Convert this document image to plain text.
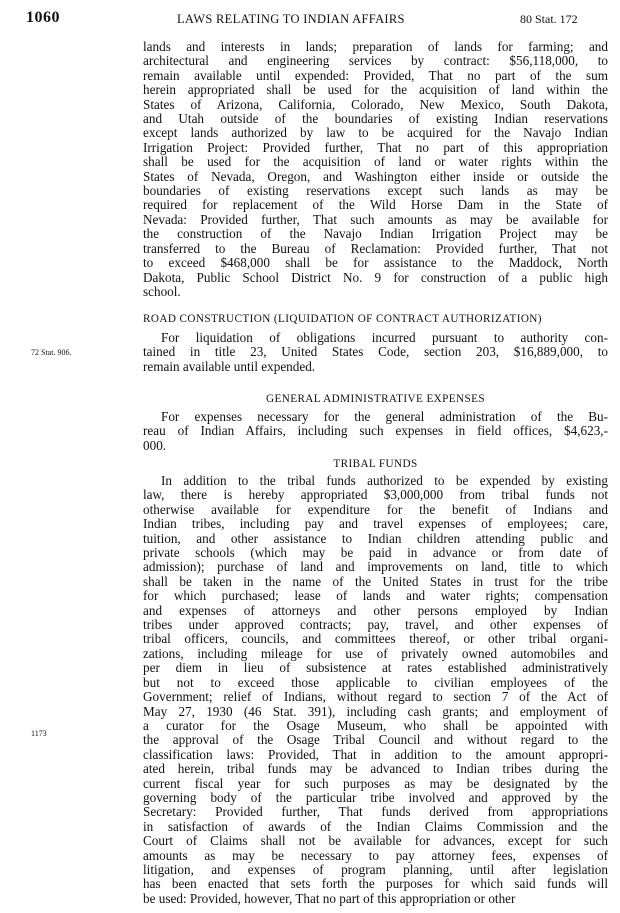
1060	LAWS RELATING TO INDIAN AFFAIRS	80 Stat. 172
lands and interests in lands; preparation of lands for farming; and
architectural and engineering services by contract: $56,118,000, to
remain available until expended: Provided, That no part of the sum
herein appropriated shall be used for the acquisition of land within the
States of Arizona, California, Colorado, New Mexico, South Dakota,
and Utah outside of the boundaries of existing Indian reservations
except lands authorized by law to be acquired for the Navajo Indian
Irrigation Project: Provided further, That no part of this appropriation
shall be used for the acquisition of land or water rights within the
States of Nevada, Oregon, and Washington either inside or outside the
boundaries of existing reservations except such lands as may be
required for replacement of the Wild Horse Dam in the State of
Nevada: Provided further, That such amounts as may be available for
the construction of the Navajo Indian Irrigation Project may be
transferred to the Bureau of Reclamation: Provided further, That not
to exceed $468,000 shall be for assistance to the Maddock, North
Dakota, Public School District No. 9 for construction of a public high
school.
ROAD CONSTRUCTION (LIQUIDATION OF CONTRACT AUTHORIZATION)
72 Stat. 906.
For liquidation of obligations incurred pursuant to authority con-
tained in title 23, United States Code, section 203, $16,889,000, to
remain available until expended.
GENERAL ADMINISTRATIVE EXPENSES
For expenses necessary for the general administration of the Bu-
reau of Indian Affairs, including such expenses in field offices, $4,623,-
000.
TRIBAL FUNDS
1173
In addition to the tribal funds authorized to be expended by existing
law, there is hereby appropriated $3,000,000 from tribal funds not
otherwise available for expenditure for the benefit of Indians and
Indian tribes, including pay and travel expenses of employees; care,
tuition, and other assistance to Indian children attending public and
private schools (which may be paid in advance or from date of
admission); purchase of land and improvements on land, title to which
shall be taken in the name of the United States in trust for the tribe
for which purchased; lease of lands and water rights; compensation
and expenses of attorneys and other persons employed by Indian
tribes under approved contracts; pay, travel, and other expenses of
tribal officers, councils, and committees thereof, or other tribal organi-
zations, including mileage for use of privately owned automobiles and
per diem in lieu of subsistence at rates established administratively
but not to exceed those applicable to civilian employees of the
Government; relief of Indians, without regard to section 7 of the Act of
May 27, 1930 (46 Stat. 391), including cash grants; and employment of
a curator for the Osage Museum, who shall be appointed with
the approval of the Osage Tribal Council and without regard to the
classification laws: Provided, That in addition to the amount appropri-
ated herein, tribal funds may be advanced to Indian tribes during the
current fiscal year for such purposes as may be designated by the
governing body of the particular tribe involved and approved by the
Secretary: Provided further, That funds derived from appropriations
in satisfaction of awards of the Indian Claims Commission and the
Court of Claims shall not be available for advances, except for such
amounts as may be necessary to pay attorney fees, expenses of
litigation, and expenses of program planning, until after legislation
has been enacted that sets forth the purposes for which said funds will
be used: Provided, however, That no part of this appropriation or other
